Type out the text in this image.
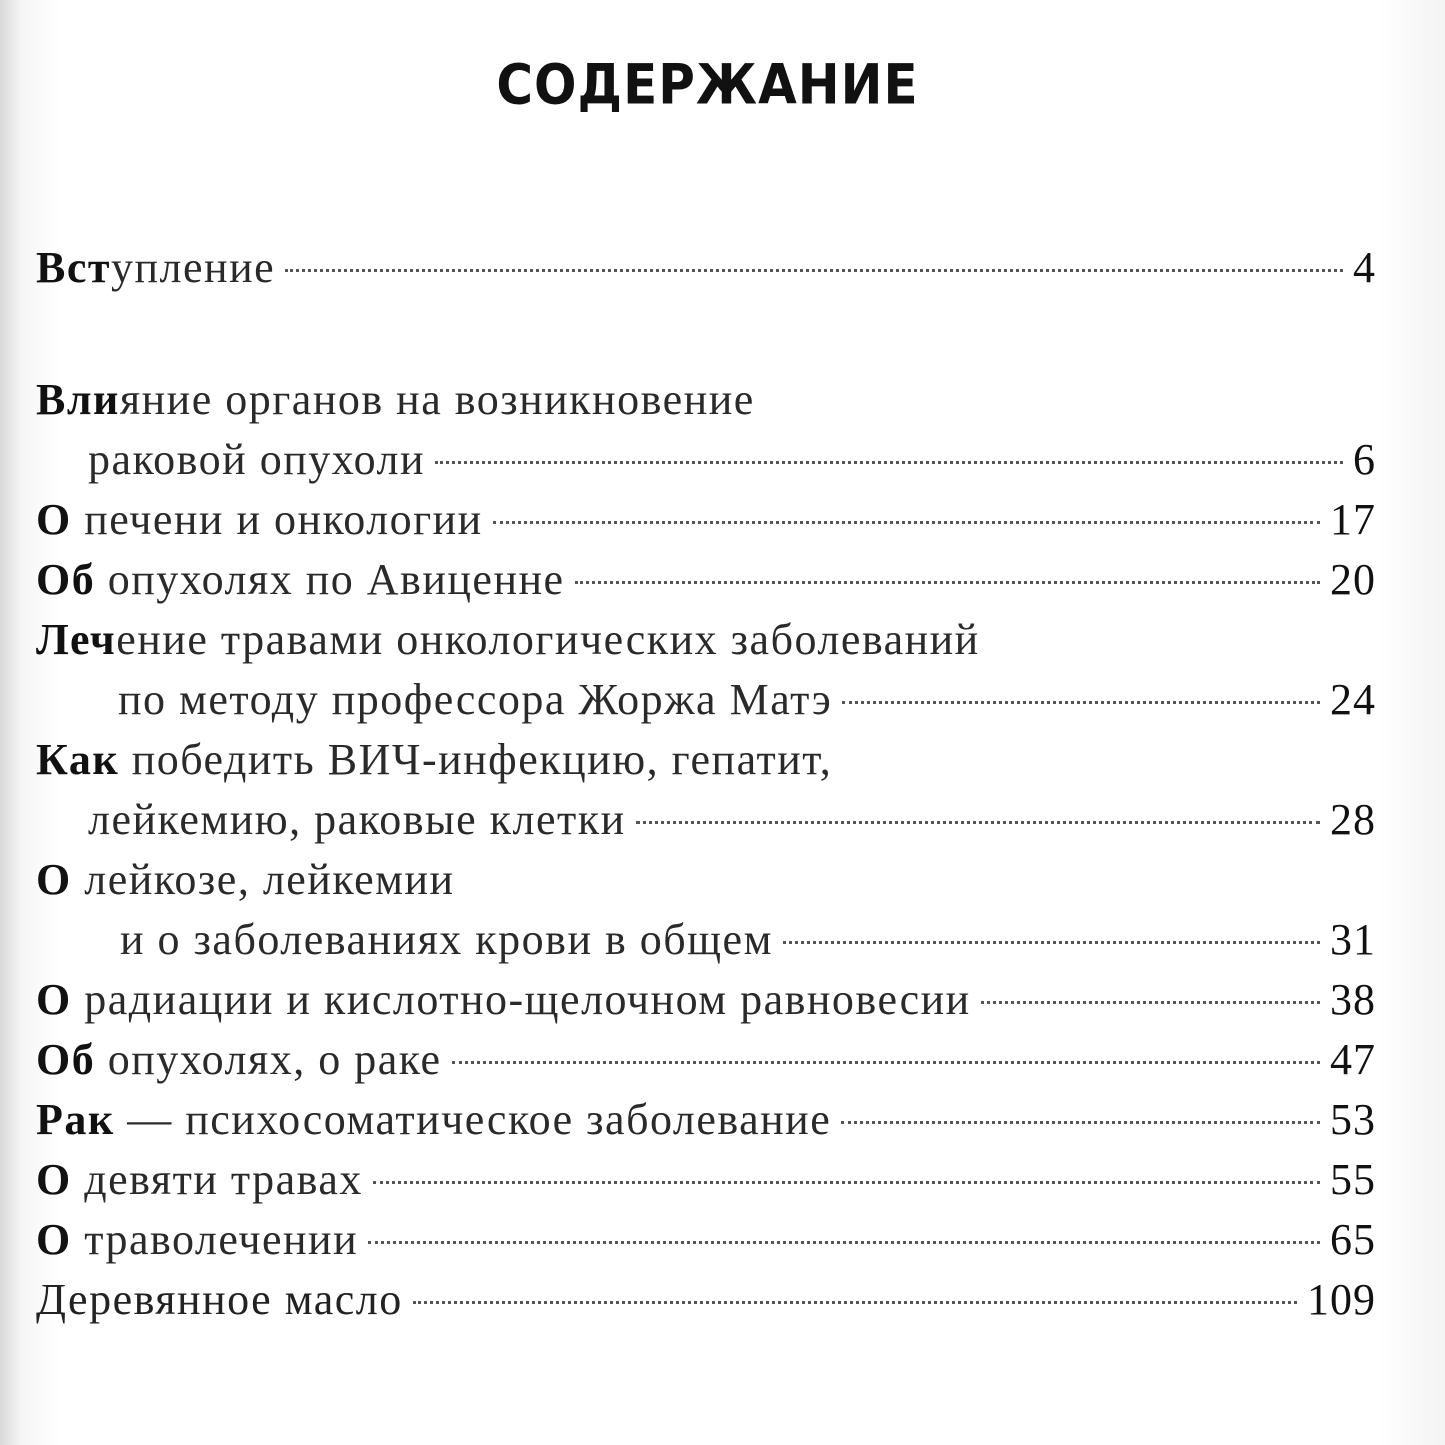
СОДЕРЖАНИЕ
Вступление	4
Влияние органов на возникновение
раковой опухоли	6
О печени и онкологии	17
Об опухолях по Авиценне	20
Лечение травами онкологических заболеваний
по методу профессора Жоржа Матэ	24
Как победить ВИЧ-инфекцию, гепатит,
лейкемию, раковые клетки	28
О лейкозе, лейкемии
и о заболеваниях крови в общем	31
О радиации и кислотно-щелочном равновесии	38
Об опухолях, о раке	47
Рак — психосоматическое заболевание	53
О девяти травах	55
О траволечении	65
Деревянное масло	109
